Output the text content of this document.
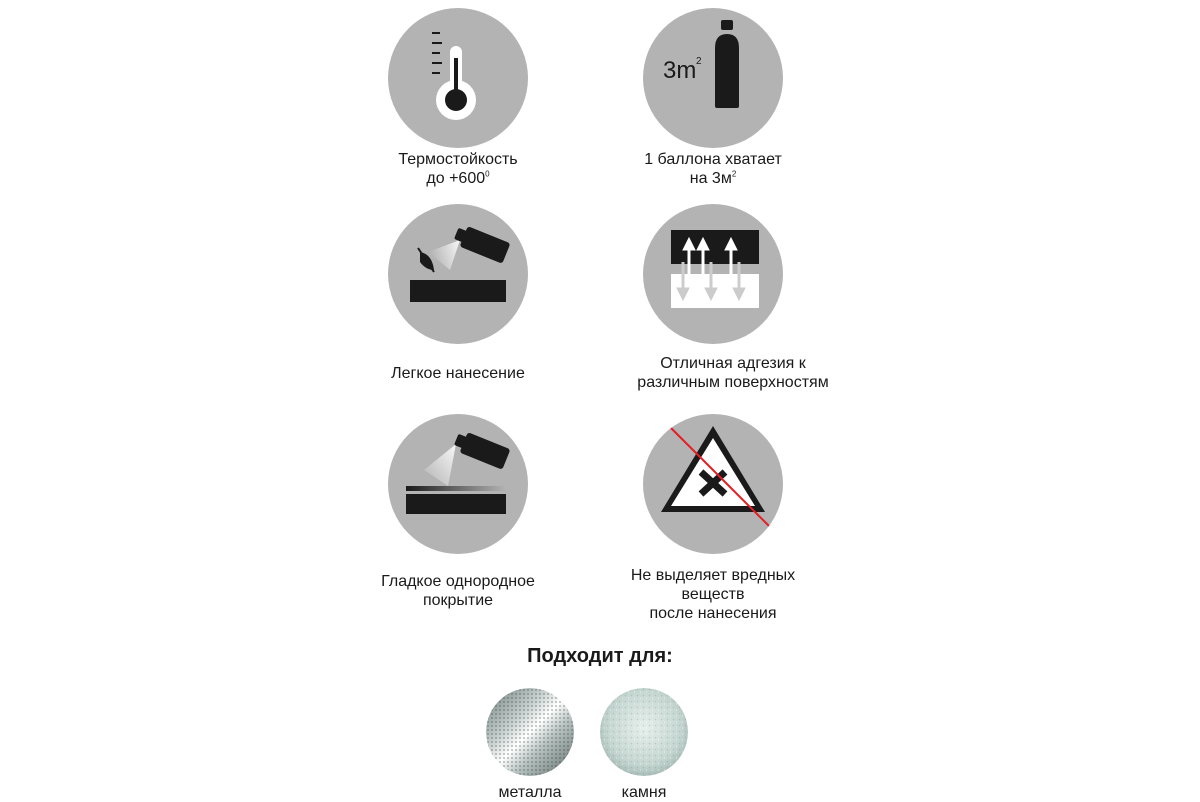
Термостойкость
до $+600^0$
3m 2
1 баллона хватает
на $3м^2$
Легкое нанесение
Отличная адгезия к
различным поверхностям
Гладкое однородное
покрытие
Не выделяет вредных
веществ
после нанесения
Подходит для:
металла	камня
